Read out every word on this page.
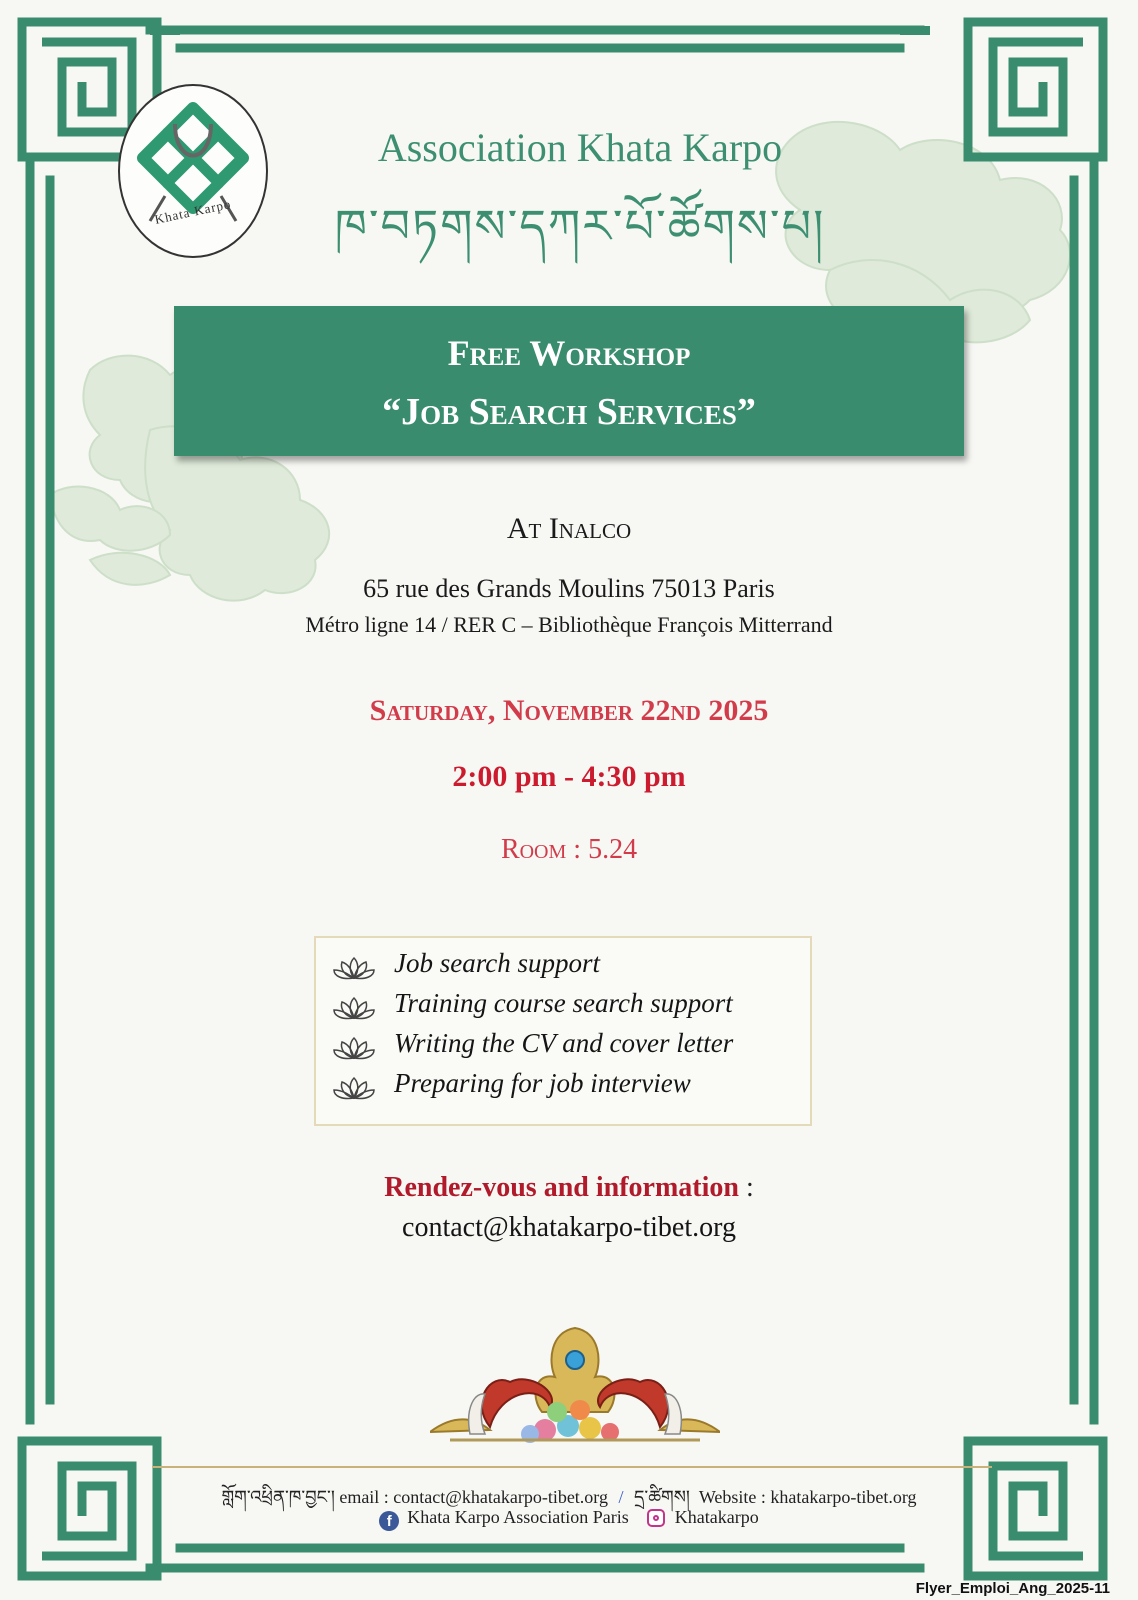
Khata Karpo
Association Khata Karpo
ཁ་བཏགས་དཀར་པོ་ཚོགས་པ།
Free Workshop
“Job Search Services”
At Inalco
65 rue des Grands Moulins 75013 Paris
Métro ligne 14 / RER C – Bibliothèque François Mitterrand
Saturday, November 22nd 2025
2:00 pm - 4:30 pm
Room : 5.24
Job search support
Training course search support
Writing the CV and cover letter
Preparing for job interview
Rendez-vous and information :
contact@khatakarpo-tibet.org
གློག་འཕྲིན་ཁ་བྱང་། email : contact@khatakarpo-tibet.org / དྲ་ཚིགས། Website : khatakarpo-tibet.org
f Khata Karpo Association Paris	Khatakarpo
Flyer_Emploi_Ang_2025-11
